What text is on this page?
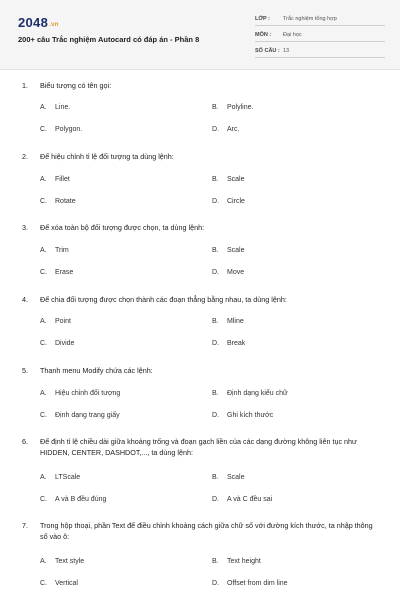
2048.vn
200+ câu Trắc nghiệm Autocard có đáp án - Phần 8
LỚP : Trắc nghiệm tổng hợp
MÔN : Đại học
SỐ CÂU : 13
1. Biểu tượng có tên gọi:
A. Line.	B. Polyline.
C. Polygon.	D. Arc.
2. Để hiệu chỉnh tỉ lệ đối tượng ta dùng lệnh:
A. Fillet	B. Scale
C. Rotate	D. Circle
3. Để xóa toàn bộ đối tượng được chọn, ta dùng lệnh:
A. Trim	B. Scale
C. Erase	D. Move
4. Để chia đối tượng được chọn thành các đoạn thẳng bằng nhau, ta dùng lệnh:
A. Point	B. Mline
C. Divide	D. Break
5. Thanh menu Modify chứa các lệnh:
A. Hiệu chỉnh đối tượng	B. Định dạng kiểu chữ
C. Định dạng trang giấy	D. Ghi kích thước
6. Để định tỉ lệ chiều dài giữa khoảng trống và đoạn gạch liền của các dạng đường không liên tục như HIDDEN, CENTER, DASHDOT,..., ta dùng lệnh:
A. LTScale	B. Scale
C. A và B đều đúng	D. A và C đều sai
7. Trong hộp thoại, phần Text để điều chỉnh khoảng cách giữa chữ số với đường kích thước, ta nhập thông số vào ô:
A. Text style	B. Text height
C. Vertical	D. Offset from dim line
